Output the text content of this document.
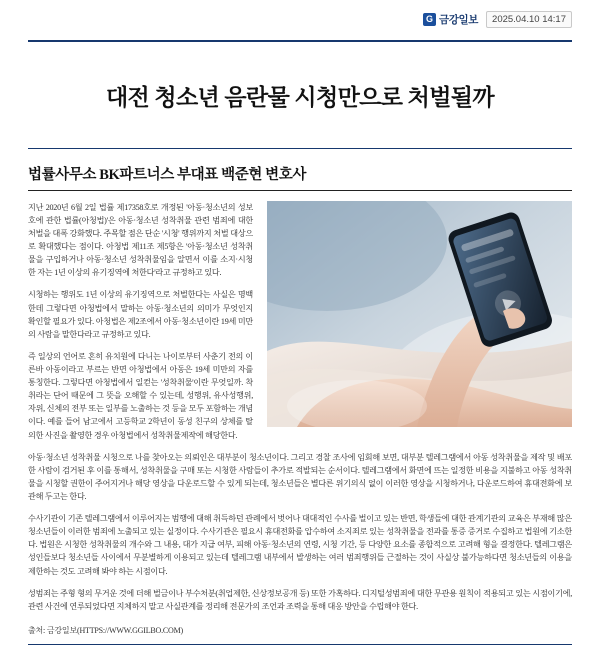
G 금강일보	2025.04.10 14:17
대전 청소년 음란물 시청만으로 처벌될까
법률사무소 BK파트너스 부대표 백준현 변호사

지난 2020년 6월 2일 법률 제17358호로 개정된 '아동·청소년의 성보호에 관한 법률(아청법)'은 아동·청소년 성착취물 관련 범죄에 대한 처벌을 대폭 강화했다. 주목할 점은 단순 '시청' 행위까지 처벌 대상으로 확대했다는 점이다. 아청법 제11조 제5항은 '아동·청소년 성착취물을 구입하거나 아동·청소년 성착취물임을 알면서 이를 소지·시청한 자는 1년 이상의 유기징역에 처한다'라고 규정하고 있다.

시청하는 행위도 1년 이상의 유기징역으로 처벌한다는 사실은 명백한데 그렇다면 아청법에서 말하는 아동·청소년의 의미가 무엇인지 확인할 필요가 있다. 아청법은 제2조에서 아동·청소년이란 19세 미만의 사람을 말한다라고 규정하고 있다.

즉 일상의 언어로 혼히 유치원에 다니는 나이로부터 사춘기 전의 이른바 아동이라고 부르는 반면 아청법에서 아동은 19세 미만의 자를 통칭한다. 그렇다면 아청법에서 일컫는 '성착취물'이란 무엇일까. 착취라는 단어 때문에 그 뜻을 오해할 수 있는데, 성행위, 유사성행위, 자위, 신체의 전부 또는 일부를 노출하는 것 등을 모두 포함하는 개념이다. 예를 들어 남고에서 고등학교 2학년이 동성 친구의 상체를 탈의한 사진을 촬영한 경우 아청법에서 성착취물제작에 해당한다.

아동·청소년 성착취물 시청으로 나를 찾아오는 의뢰인은 대부분이 청소년이다. 그리고 경찰 조사에 임회해 보면, 대부분 텔레그램에서 아동 성착취물을 제작 및 배포한 사람이 검거된 후 이를 통해서, 성착취물을 구매 또는 시청한 사람들이 추가로 적발되는 순서이다. 텔레그램에서 화면에 뜨는 일정한 비용을 지불하고 아동 성착취물을 시청할 권한이 주어지거나 해당 영상을 다운로드할 수 있게 되는데, 청소년들은 별다른 위기의식 없이 이러한 영상을 시청하거나, 다운로드하여 휴대전화에 보관해 두고는 한다.

수사기관이 기존 텔레그램에서 이루어지는 범행에 대해 취득하던 관례에서 벗어나 대대적인 수사를 벌이고 있는 반면, 학생들에 대한 관계기관의 교육은 부재해 많은 청소년들이 이러한 범죄에 노출되고 있는 실정이다. 수사기관은 필요시 휴대전화를 압수하여 소지죄로 있는 성착취물을 전과를 통증 증거로 수집하고 법원에 기소한다. 법원은 시청한 성착취물의 개수와 그 내용, 대가 지급 여부, 피해 아동·청소년의 연령, 시청 기간, 등 다양한 요소를 종합적으로 고려해 형을 결정한다. 텔레그램은 성인들보다 청소년들 사이에서 무분별하게 이용되고 있는데 텔레그램 내부에서 발생하는 여러 범죄행위들 근절하는 것이 사실상 불가능하다면 청소년들의 이용을 제한하는 것도 고려해 봐야 하는 시점이다.

성범죄는 주형 형의 무거운 것에 더해 벌금이나 부수처분(취업제한, 신상정보공개 등) 또한 가혹하다. 디지털성범죄에 대한 무관용 원칙이 적용되고 있는 시점이기에, 관련 사건에 연루되었다면 지체하지 말고 사실관계를 정리해 전문가의 조언과 조력을 통해 대응 방안을 수립해야 한다.

출처: 금강일보(HTTPS://WWW.GGILBO.COM)
